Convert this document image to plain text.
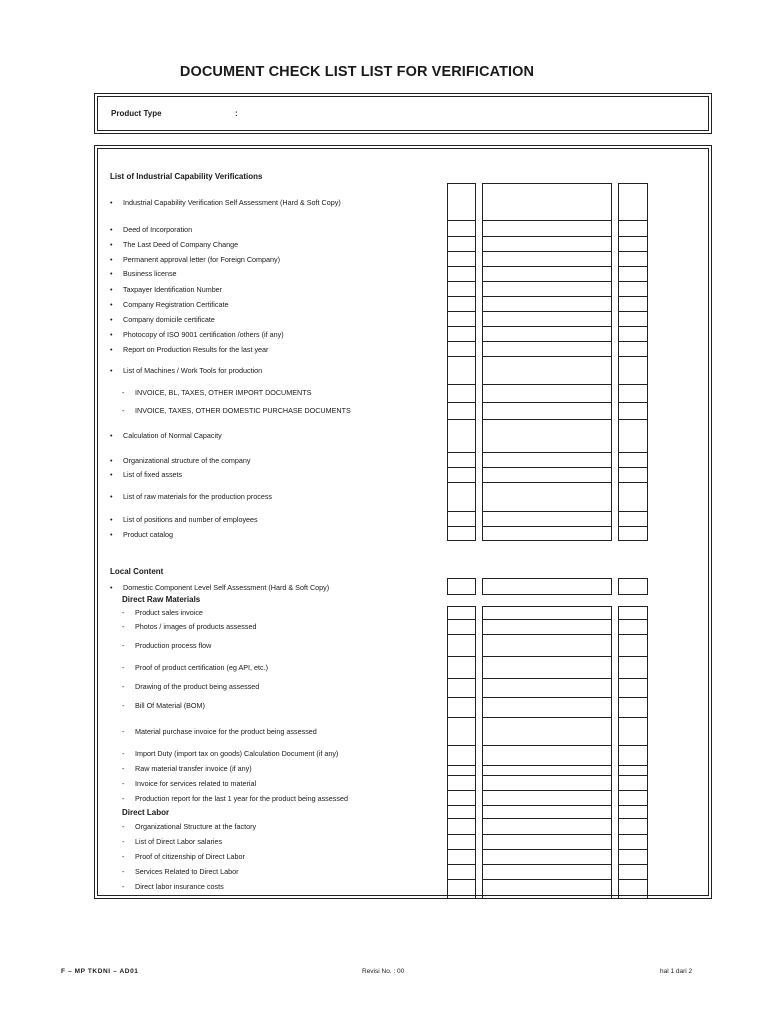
DOCUMENT CHECK LIST LIST FOR VERIFICATION
Product Type	:
List of Industrial Capability Verifications
• Industrial Capability Verification Self Assessment (Hard & Soft Copy)
• Deed of Incorporation
• The Last Deed of Company Change
• Permanent approval letter (for Foreign Company)
• Business license
• Taxpayer Identification Number
• Company Registration Certificate
• Company domicile certificate
• Photocopy of ISO 9001 certification /others (if any)
• Report on Production Results for the last year
• List of Machines / Work Tools for production
- INVOICE, BL, TAXES, OTHER IMPORT DOCUMENTS
- INVOICE, TAXES, OTHER DOMESTIC PURCHASE DOCUMENTS
• Calculation of Normal Capacity
• Organizational structure of the company
• List of fixed assets
• List of raw materials for the production process
• List of positions and number of employees
• Product catalog
Local Content
• Domestic Component Level Self Assessment (Hard & Soft Copy)
Direct Raw Materials
- Product sales invoice
- Photos / images of products assessed
- Production process flow
- Proof of product certification (eg API, etc.)
- Drawing of the product being assessed
- Bill Of Material (BOM)
- Material purchase invoice for the product being assessed
- Import Duty (import tax on goods) Calculation Document (if any)
- Raw material transfer invoice (if any)
- Invoice for services related to material
- Production report for the last 1 year for the product being assessed
Direct Labor
- Organizational Structure at the factory
- List of Direct Labor salaries
- Proof of citizenship of Direct Labor
- Services Related to Direct Labor
- Direct labor insurance costs
F – MP TKDNI – AD01	Revisi No. : 00	hal 1 dari 2
